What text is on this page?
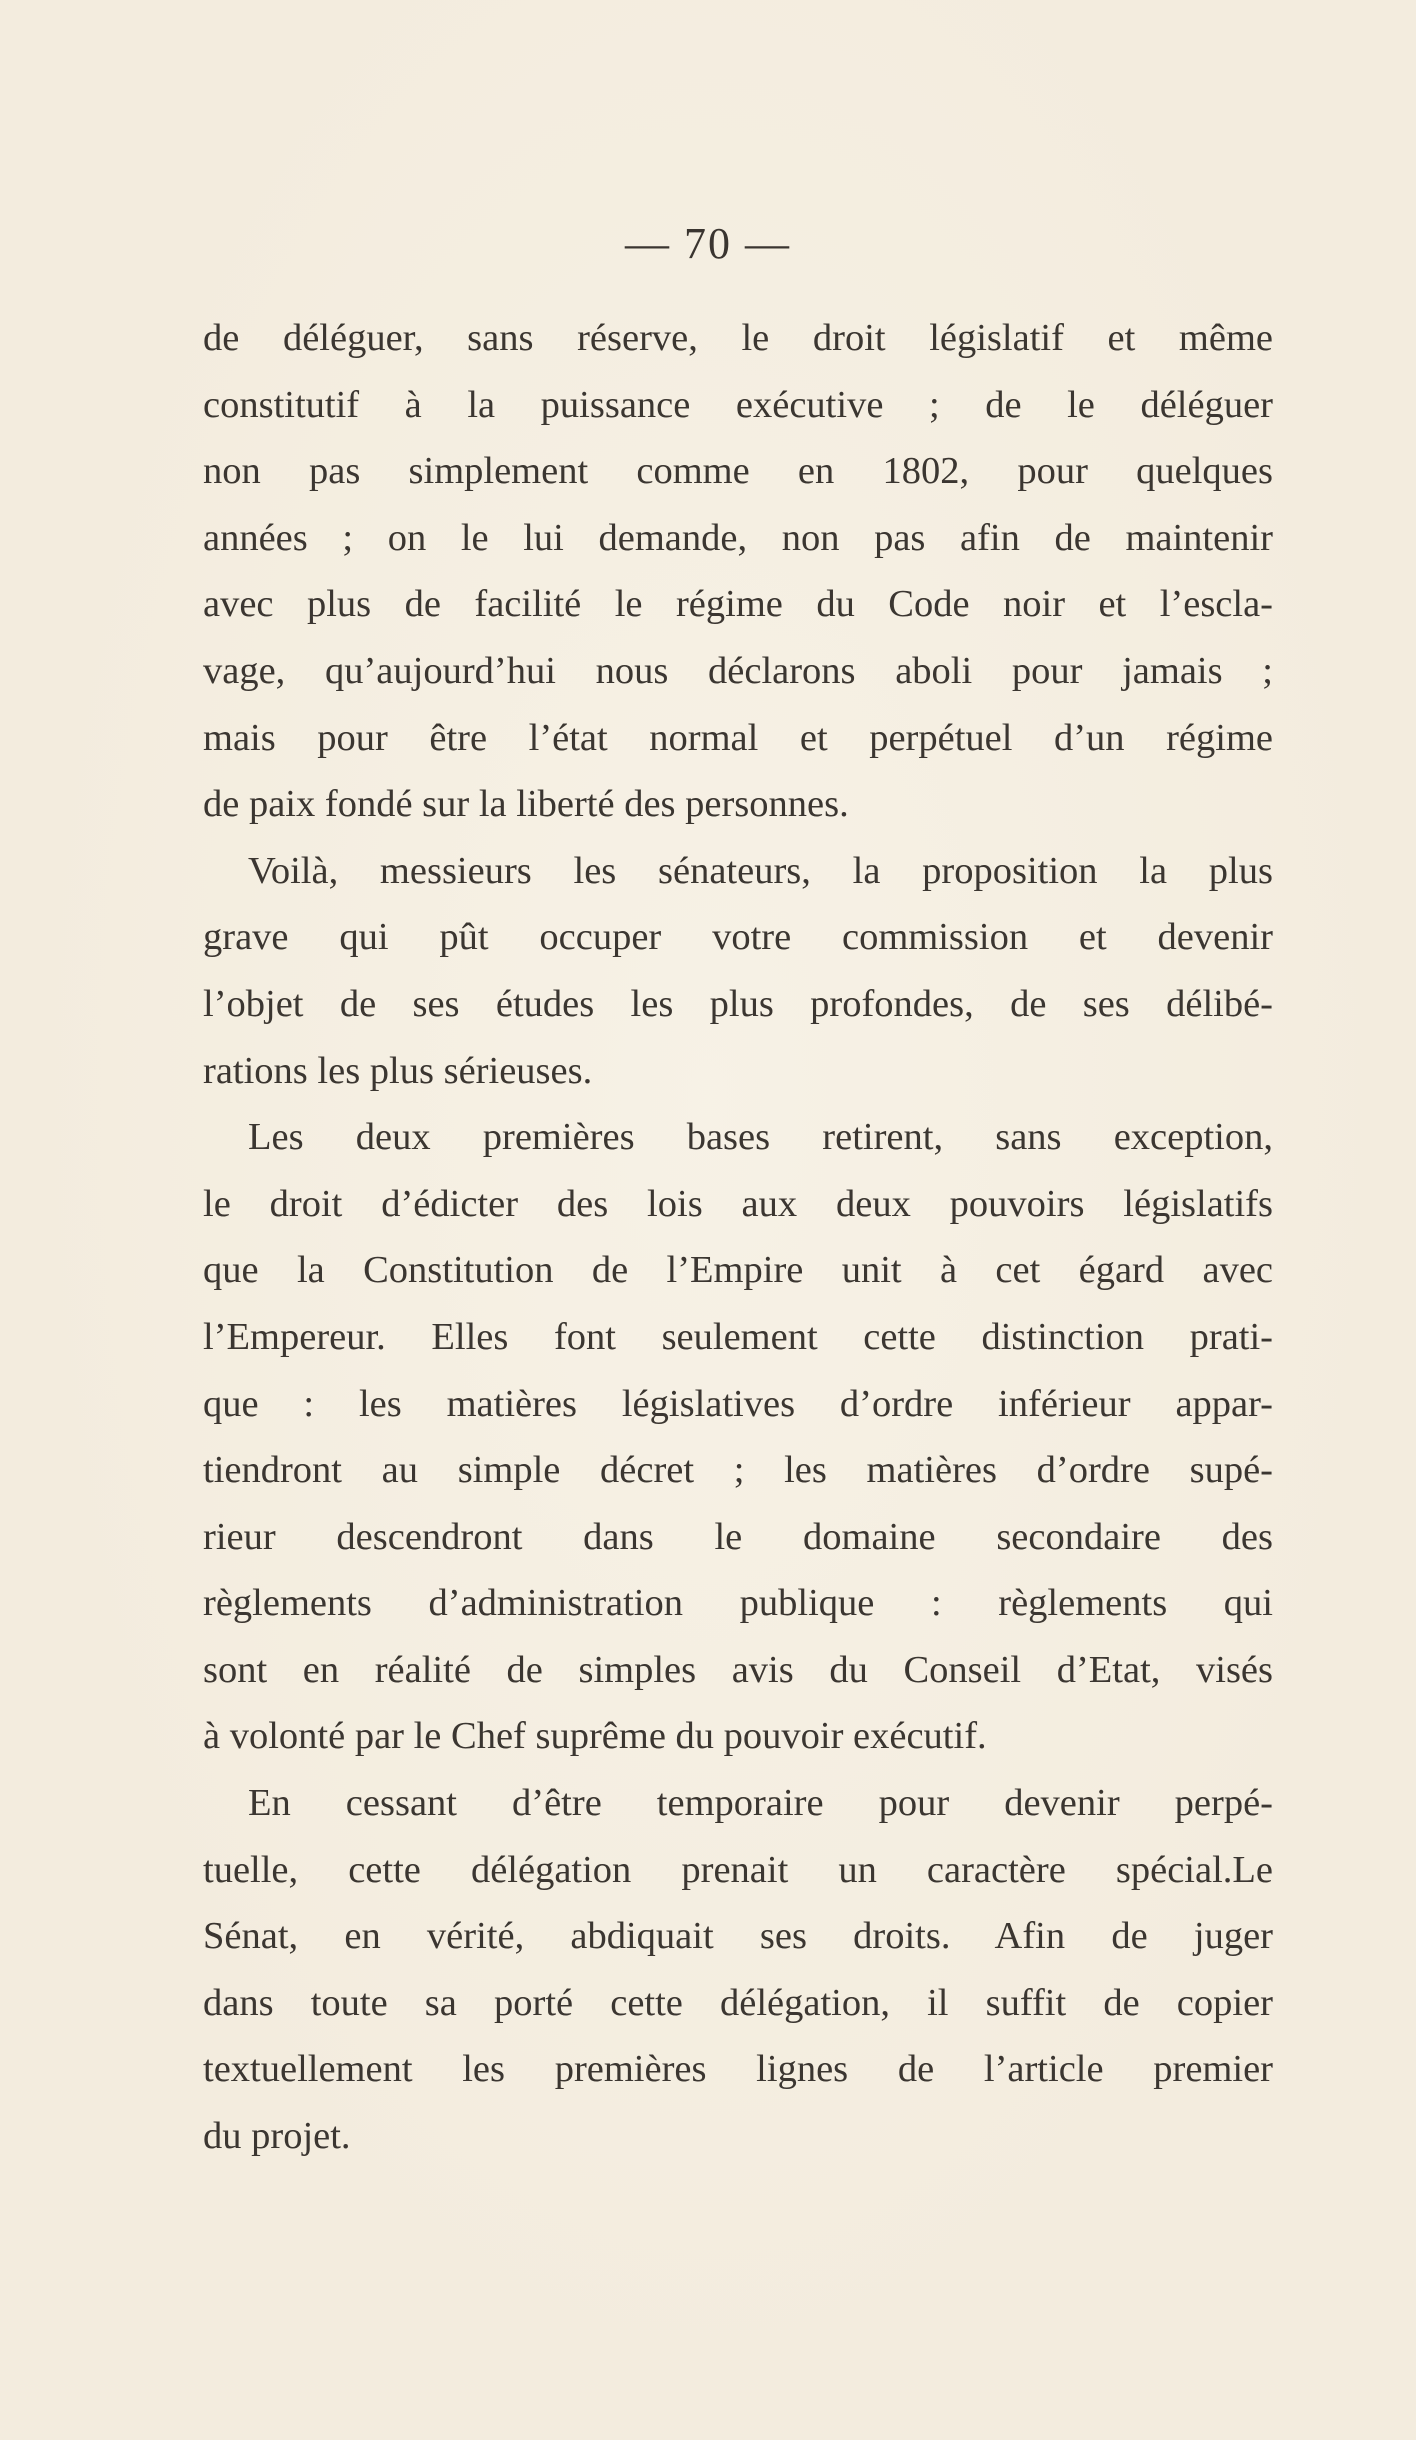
— 70 —
de déléguer, sans réserve, le droit législatif et même
constitutif à la puissance exécutive ; de le déléguer
non pas simplement comme en 1802, pour quelques
années ; on le lui demande, non pas afin de maintenir
avec plus de facilité le régime du Code noir et l’escla-
vage, qu’aujourd’hui nous déclarons aboli pour jamais ;
mais pour être l’état normal et perpétuel d’un régime
de paix fondé sur la liberté des personnes.
Voilà, messieurs les sénateurs, la proposition la plus
grave qui pût occuper votre commission et devenir
l’objet de ses études les plus profondes, de ses délibé-
rations les plus sérieuses.
Les deux premières bases retirent, sans exception,
le droit d’édicter des lois aux deux pouvoirs législatifs
que la Constitution de l’Empire unit à cet égard avec
l’Empereur. Elles font seulement cette distinction prati-
que : les matières législatives d’ordre inférieur appar-
tiendront au simple décret ; les matières d’ordre supé-
rieur descendront dans le domaine secondaire des
règlements d’administration publique : règlements qui
sont en réalité de simples avis du Conseil d’Etat, visés
à volonté par le Chef suprême du pouvoir exécutif.
En cessant d’être temporaire pour devenir perpé-
tuelle, cette délégation prenait un caractère spécial.Le
Sénat, en vérité, abdiquait ses droits. Afin de juger
dans toute sa porté cette délégation, il suffit de copier
textuellement les premières lignes de l’article premier
du projet.
